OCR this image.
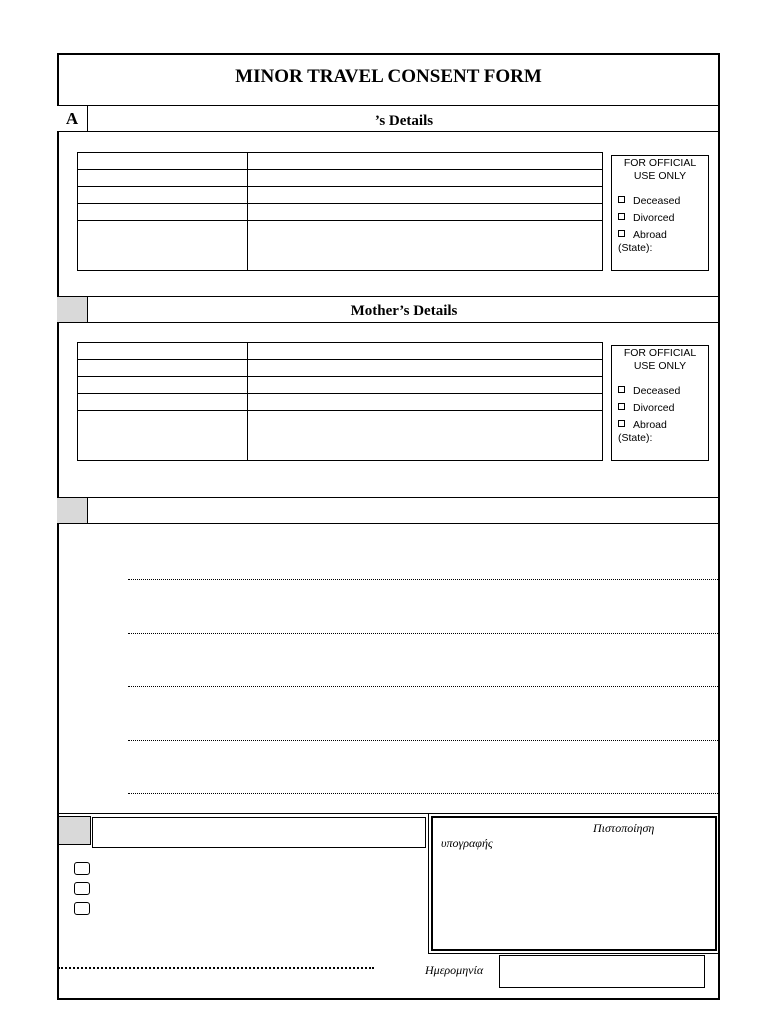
MINOR TRAVEL CONSENT FORM
A	’s Details

FOR OFFICIAL
USE ONLY
Deceased
Divorced
Abroad
(State):
Mother’s Details

FOR OFFICIAL
USE ONLY
Deceased
Divorced
Abroad
(State):
Πιστοποίηση
υπογραφής
Ημερομηνία
